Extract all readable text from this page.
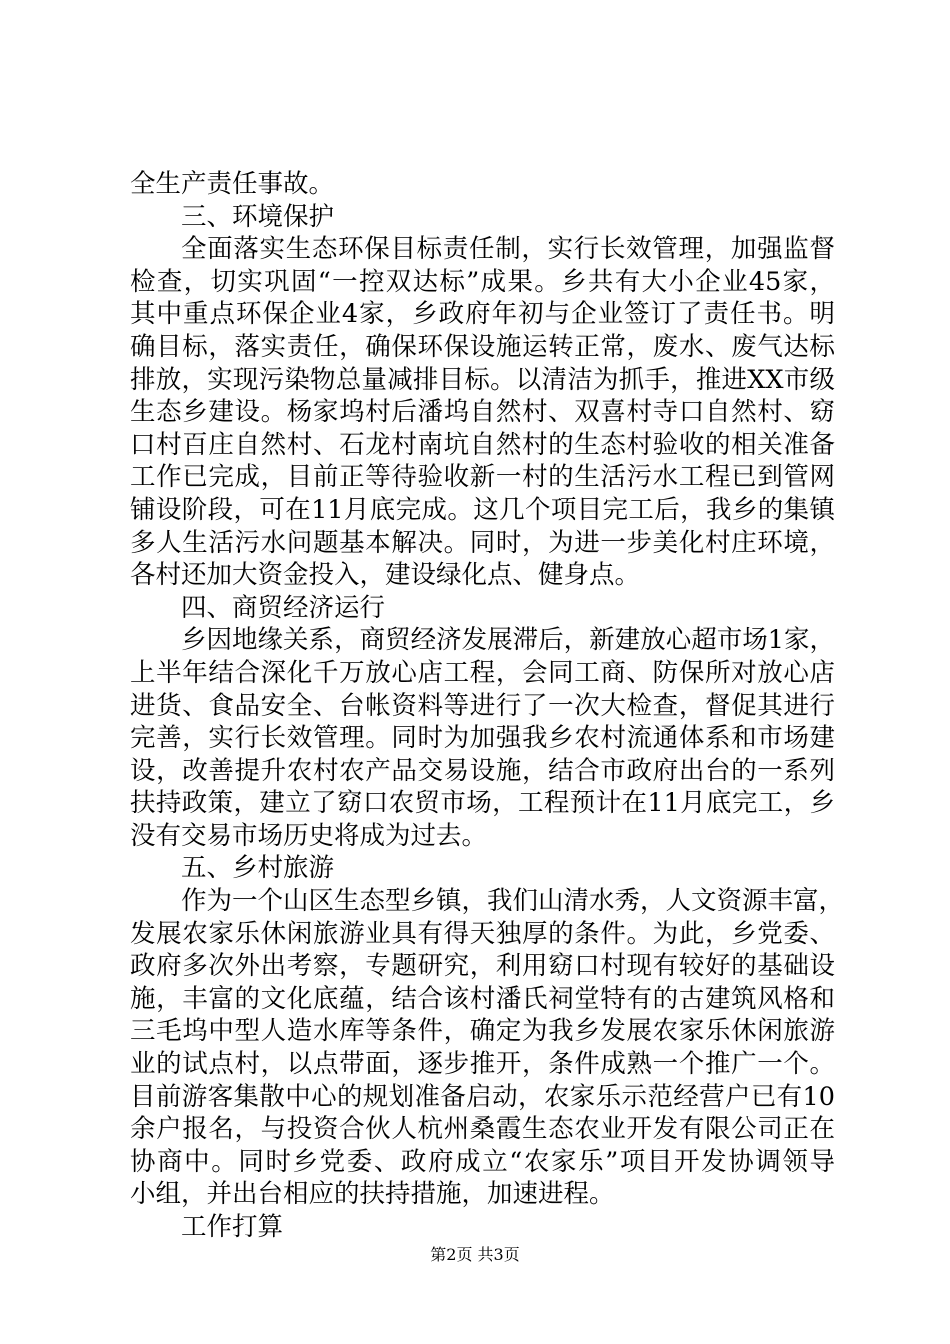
全生产责任事故。
三、环境保护
全面落实生态环保目标责任制，实行长效管理，加强监督
检查，切实巩固“一控双达标”成果。乡共有大小企业45家，
其中重点环保企业4家，乡政府年初与企业签订了责任书。明
确目标，落实责任，确保环保设施运转正常，废水、废气达标
排放，实现污染物总量减排目标。以清洁为抓手，推进XX市级
生态乡建设。杨家坞村后潘坞自然村、双喜村寺口自然村、窈
口村百庄自然村、石龙村南坑自然村的生态村验收的相关准备
工作已完成，目前正等待验收新一村的生活污水工程已到管网
铺设阶段，可在11月底完成。这几个项目完工后，我乡的集镇
多人生活污水问题基本解决。同时，为进一步美化村庄环境，
各村还加大资金投入，建设绿化点、健身点。
四、商贸经济运行
乡因地缘关系，商贸经济发展滞后，新建放心超市场1家，
上半年结合深化千万放心店工程，会同工商、防保所对放心店
进货、食品安全、台帐资料等进行了一次大检查，督促其进行
完善，实行长效管理。同时为加强我乡农村流通体系和市场建
设，改善提升农村农产品交易设施，结合市政府出台的一系列
扶持政策，建立了窈口农贸市场，工程预计在11月底完工，乡
没有交易市场历史将成为过去。
五、乡村旅游
作为一个山区生态型乡镇，我们山清水秀，人文资源丰富，
发展农家乐休闲旅游业具有得天独厚的条件。为此，乡党委、
政府多次外出考察，专题研究，利用窈口村现有较好的基础设
施，丰富的文化底蕴，结合该村潘氏祠堂特有的古建筑风格和
三毛坞中型人造水库等条件，确定为我乡发展农家乐休闲旅游
业的试点村，以点带面，逐步推开，条件成熟一个推广一个。
目前游客集散中心的规划准备启动，农家乐示范经营户已有10
余户报名，与投资合伙人杭州桑霞生态农业开发有限公司正在
协商中。同时乡党委、政府成立“农家乐”项目开发协调领导
小组，并出台相应的扶持措施，加速进程。
工作打算
第2页 共3页
